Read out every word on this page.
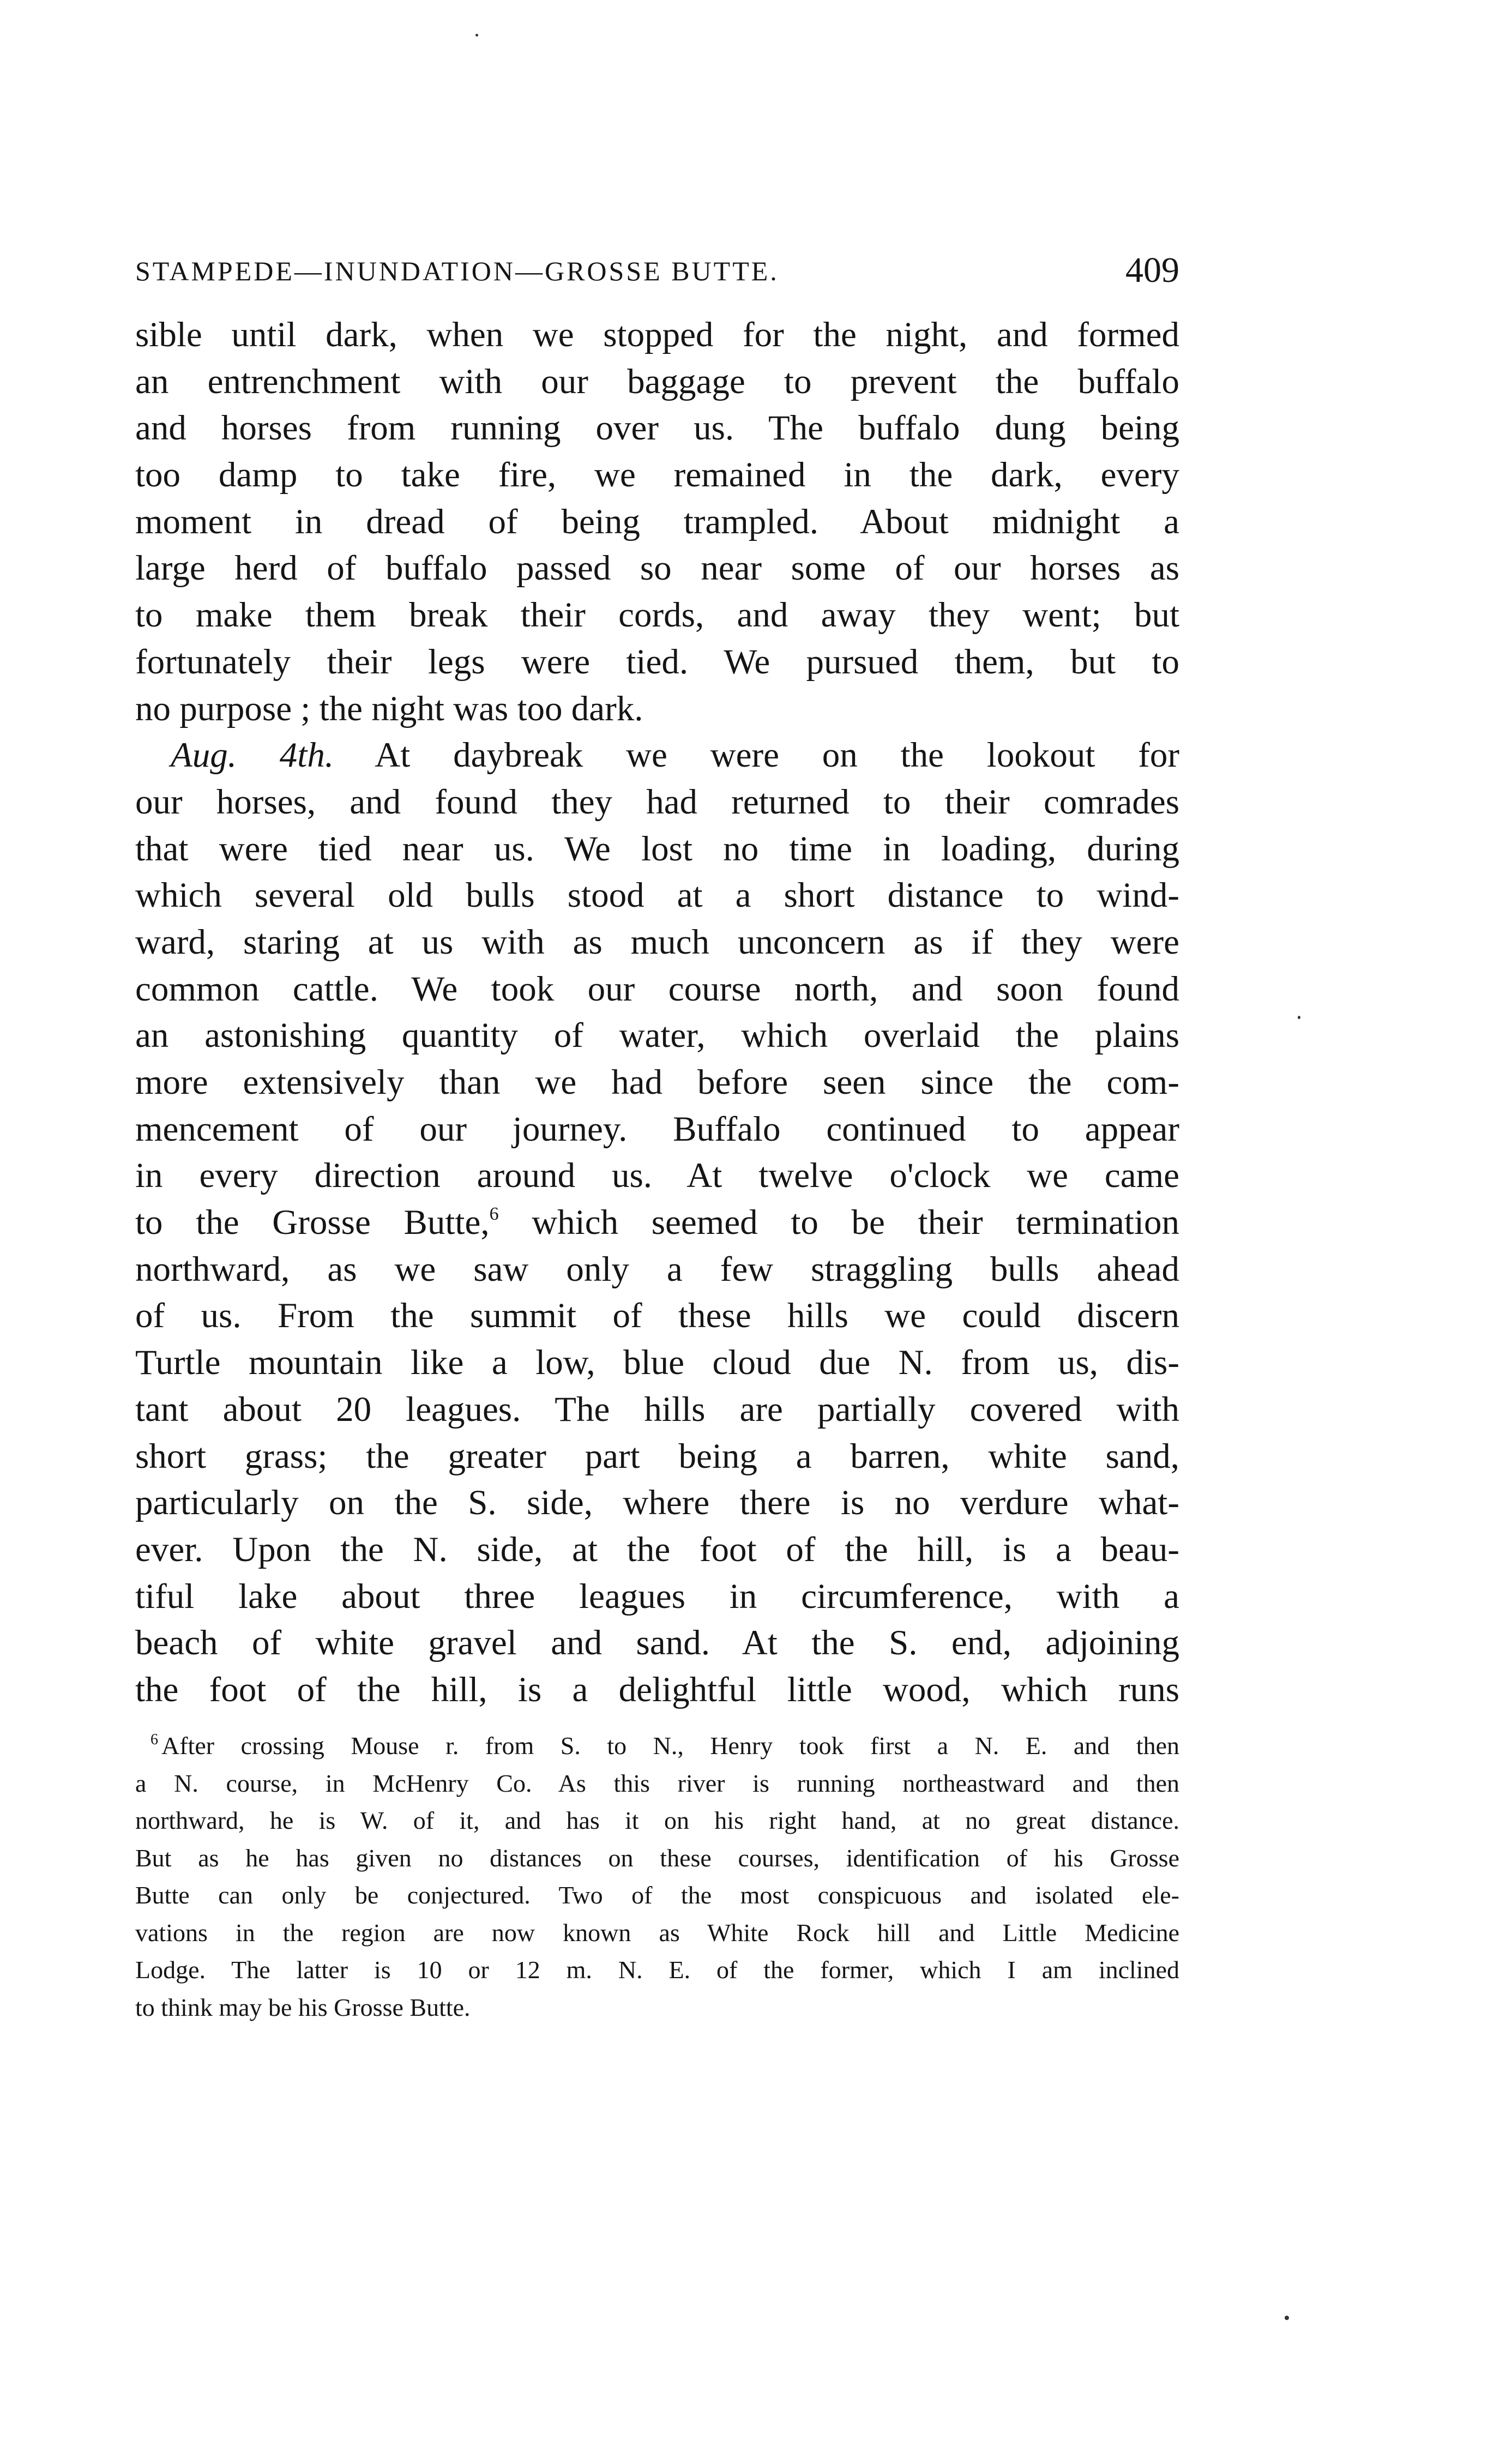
STAMPEDE—INUNDATION—GROSSE BUTTE.	409
sible until dark, when we stopped for the night, and formed
an entrenchment with our baggage to prevent the buffalo
and horses from running over us. The buffalo dung being
too damp to take fire, we remained in the dark, every
moment in dread of being trampled. About midnight a
large herd of buffalo passed so near some of our horses as
to make them break their cords, and away they went; but
fortunately their legs were tied. We pursued them, but to
no purpose ; the night was too dark.
Aug. 4th. At daybreak we were on the lookout for
our horses, and found they had returned to their comrades
that were tied near us. We lost no time in loading, during
which several old bulls stood at a short distance to wind-
ward, staring at us with as much unconcern as if they were
common cattle. We took our course north, and soon found
an astonishing quantity of water, which overlaid the plains
more extensively than we had before seen since the com-
mencement of our journey. Buffalo continued to appear
in every direction around us. At twelve o'clock we came
to the Grosse Butte,$^6$ which seemed to be their termination
northward, as we saw only a few straggling bulls ahead
of us. From the summit of these hills we could discern
Turtle mountain like a low, blue cloud due N. from us, dis-
tant about 20 leagues. The hills are partially covered with
short grass; the greater part being a barren, white sand,
particularly on the S. side, where there is no verdure what-
ever. Upon the N. side, at the foot of the hill, is a beau-
tiful lake about three leagues in circumference, with a
beach of white gravel and sand. At the S. end, adjoining
the foot of the hill, is a delightful little wood, which runs
$^6$ After crossing Mouse r. from S. to N., Henry took first a N. E. and then
a N. course, in McHenry Co. As this river is running northeastward and then
northward, he is W. of it, and has it on his right hand, at no great distance.
But as he has given no distances on these courses, identification of his Grosse
Butte can only be conjectured. Two of the most conspicuous and isolated ele-
vations in the region are now known as White Rock hill and Little Medicine
Lodge. The latter is 10 or 12 m. N. E. of the former, which I am inclined
to think may be his Grosse Butte.
